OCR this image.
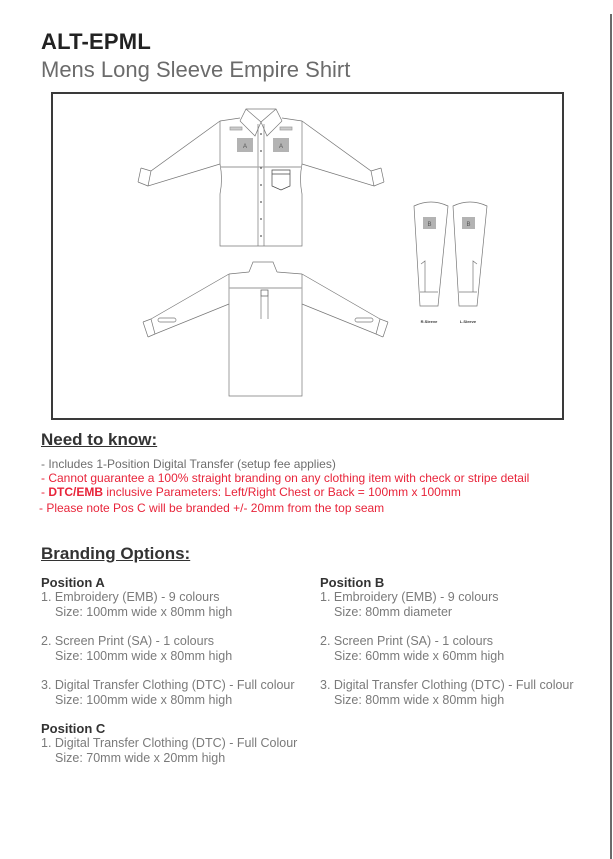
ALT-EPML
Mens Long Sleeve Empire Shirt
A	A
B	B
R.Sleeve	L.Sleeve
Need to know:
- Includes 1-Position Digital Transfer (setup fee applies)
- Cannot guarantee a 100% straight branding on any clothing item with check or stripe detail
- DTC/EMB inclusive Parameters: Left/Right Chest or Back = 100mm x 100mm
- Please note Pos C will be branded +/- 20mm from the top seam
Branding Options:
Position A
1. Embroidery (EMB) - 9 colours
Size: 100mm wide x 80mm high
2. Screen Print (SA) - 1 colours
Size: 100mm wide x 80mm high
3. Digital Transfer Clothing (DTC) - Full colour
Size: 100mm wide x 80mm high
Position B
1. Embroidery (EMB) - 9 colours
Size: 80mm diameter
2. Screen Print (SA) - 1 colours
Size: 60mm wide x 60mm high
3. Digital Transfer Clothing (DTC) - Full colour
Size: 80mm wide x 80mm high
Position C
1. Digital Transfer Clothing (DTC) - Full Colour
Size: 70mm wide x 20mm high
